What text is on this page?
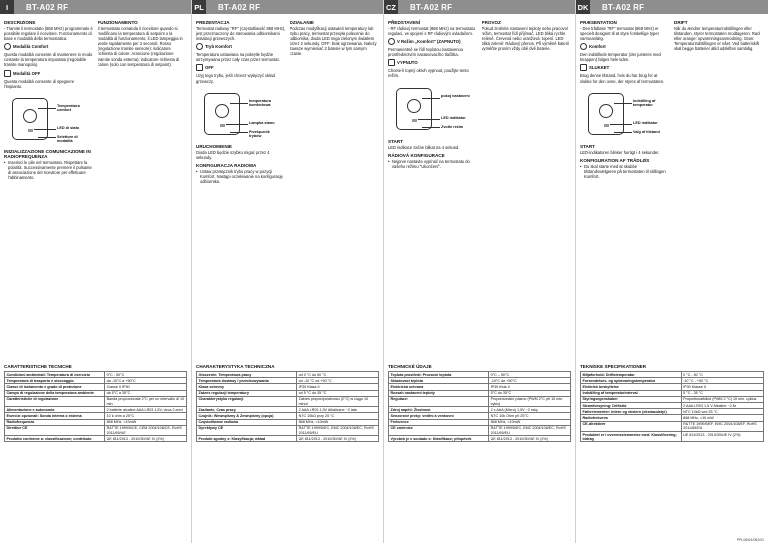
I	BT-A02 RF
DESCRIZIONE
- Tramite il termostato (868 MHz) programmato è possibile regolare il ricevitore. Funzionamento di base e modalità della termostatica.
Modalità Comfort
Questa modalità consente di mantenere in modo costante la temperatura impostata (regolabile tramite manopola).
Modalità OFF
Questa modalità consente di spegnere l'impianto.
Temperatura comfort
LED di stato
Selettore di modalità
INIZIALIZZAZIONE COMUNICAZIONE IN RADIOFREQUENZA
• Inserisci le pile nel termostato. Rispettare la polarità. Successivamente premere il pulsante di associazione del ricevitore per effettuare l'abbinamento.
FUNZIONAMENTO
Il termostato comanda il ricevitore quando si modificano la temperatura di setpoint o la modalità di funzionamento; il LED lampeggia in verde rapidamente per 2 secondi. Rosso (regolazione tramite sensore): indicatore richiesta di calore. Arancione (regolazione tramite sonda esterna): indicatore richiesta di calore (solo con temperatura di setpoint).
CARATTERISTICHE TECNICHE
Condizioni ambientali: Temperatura di esercizio	0°C - 50°C
Temperatura di trasporto e stoccaggio	da -10°C a +50°C
Classe di isolamento e grado di protezione	Classe II IP30
Campo di regolazione della temperatura ambiente	da 5°C a 35°C
Caratteristiche di regolazione	Banda proporzionale 2°C per un intervallo di 10 min.
Alimentazione e autonomia	2 batterie alcaline AAA LR03 1,5V, circa 2 anni
Esercizi opzionali: Sonda interna o esterna	10 k ohm a 25°C
Radiofrequenza	868 MHz, <10mW
Direttive CE	R&TTE 1999/5/CE, CEM 2004/108/CE, RoHS 2011/65/UE
Prodotto conforme a: classificazione; contributo	UE 811/2013 - 2010/30/UE IV (2%)
PL BT-A02 RF
PREZENTACJA
Termostat radiowy "RF" (częstotliwość 868 MHz), jest przeznaczony do sterowania odbiornikami instalacji grzewczych.
Tryb Komfort
Temperatura ustawiana na pokrętle będzie utrzymywana przez cały czas przez termostat.
OFF
Użyj tego trybu, jeśli chcesz wyłączyć układ grzewczy.
temperatura komfortowa
Lampka stanu
Przełącznik trybów
URUCHOMIENIE
Dioda LED będzie szybko migać przez 4 sekundy.
KONFIGURACJA RADIOWA
• Ustaw przełącznik trybu pracy w pozycji Komfort. Nastąpi oczekiwanie na konfigurację odbiornika.
DZIAŁANIE
Podczas modyfikacji ustawień temperatury lub trybu pracy, termostat przesyła polecenie do odbiornika; dioda LED miga zielonym światłem przez 2 sekundy. OFF: brak ogrzewania. Należy zawsze wymieniać 2 baterie w tym samym czasie.
CHARAKTERYSTYKA TECHNICZNA
Otoczenie: Temperatura pracy	od 0 °C do 50 °C
Temperatura dostawy i przechowywania	od -10 °C od +50 °C
Klasa ochrony	IP30 Klasa II
Zakres regulacji temperatury	od 5 °C do 35 °C
Charakterystyka regulacji	Zakres proporcjonalności (2°C) w ciągu 10 minut
Zasilanie, Czas pracy	2 AAA LR03 1,5V Alkaliczne ~2 lata
Czujnik: Wewnętrzny & Zewnętrzny (opcja)	NTC 10kΩ przy 25 °C
Częstotliwość radiowa	868 MHz, <10mW
Dyrektywy CE	R&TTE 1999/5/EC, EMC 2004/108/EC, RoHS 2011/65/EU
Produkt zgodny z: Klasyfikacja; wkład	UE 811/2013 - 2010/30/UE IV (2%)
CZ BT-A02 RF
PŘEDSTAVENÍ
- RF rádiový termostat (868 MHz) na termostatu regulaci, ve spojení s RF rádiovým ovladačem.
V Režim „Komfort" (ZAPNUTO)
Permanentně se řídí teplotou nastavenou prostřednictvím nastavovacího tlačítka.
VYPNUTO
Chcete-li topný okruh vypnout, použijte tento režim.
pokoj nastavení
LED indikátor
Zvolte režim
START
LED indikace začne blikat na 4 sekund.
RÁDIOVÁ KONFIGURACE
• Nejprve nastavte vypínač na termostatu do vašeho režimu "Ukončení".
PROVOZ
Pokud změníte nastavení teploty nebo pracovní režim, termostat řídí přijímač. LED bliká rychle zeleně. Červená nebo oranžová: topení. LED bliká zeleně: Rádiový přenos. Při výměně baterií vyměňte prosím vždy obě dvě baterie.
TECHNICKÉ ÚDAJE
Teplota prostředí: Provozní teplota	0°C – 50°C
Skladovací teplota	-10°C do +50°C
Elektrická ochrana	IP30 třída II
Rozsah nastavení teploty	5°C do 35°C
Regulace:	Proporcionální pásmo (PWM 2°C při 10 min. cyklu)
Zdroj napětí: Životnost	2 x AAA (Micro) 1,5V ~2 roky
Senzorové prvky: vnitřní a venkovní	NTC 10k Ohm při 25°C
Frekvence	868 MHz, <10mW
CE směrnice	R&TTE 1999/5/EC, EMC 2004/108/EC, RoHS 2011/65/EU
Výrobek je v souladu s: Klasifikace; příspěvek	UE 811/2013 - 2010/30/UE IV (2%)
DK BT-A02 RF
PRÆSENTATION
- Den trådløse "RF" termostat (868 MHz) er specielt designet til at styre forskellige typer varmeanlæg.
Komfort
Den indstillede temperatur (der justeres med knappen) følges hele tiden.
SLUKKET
Brug denne tilstand, hvis du har brug for at slukke for den ovne, der styres af termostaten.
Indstilling af temperatur
LED indikator
Valg af tilstand
START
LED-indikatoren blinker hurtigt i 4 sekunder.
KONFIGURATION AF TRÅDLØS
• Du skal starte med at skubbe tilstandsvælgeren på termostaten til stillingen Komfort.
DRIFT
Når du ændrer temperaturindstillingen eller tilstanden, styrer termostaten modtageren. Rød eller orange: opvarmningsanmodning. Grøn: Temperaturindstillingen er nået. Ved batteriskift skal begge batterier altid udskiftes samtidig.
TEKNISKE SPECIFIKATIONER
Miljøforhold: Driftstemperatur	0 °C - 50 °C
Forsendelses- og opbevaringstemperatur	-10 °C - +50 °C
Elektrisk beskyttelse	IP30 Klasse II
Indstilling af temperaturinterval	5 °C - 35 °C
Styringsegenskaber	Proportionalbånd (PWM 2 °C) 10 min. cyklus
Strømforsyning: Driftstid	2 AAA LR03 1,5 V Alkaline ~2 år
Følerelementer: Intern og ekstern (ekstraudstyr)	NTC 10kΩ ved 25 °C
Radiofrekvens	868 MHz, <10 mW
CE-direktiver	R&TTE 1999/5/EF, EMC 2004/108/EF, RoHS 2011/65/EU
Produktet er i overensstemmelse med: Klassificering; bidrag	UE 811/2013 - 2010/30/UE IV (2%)
PPL06W1/0620G
